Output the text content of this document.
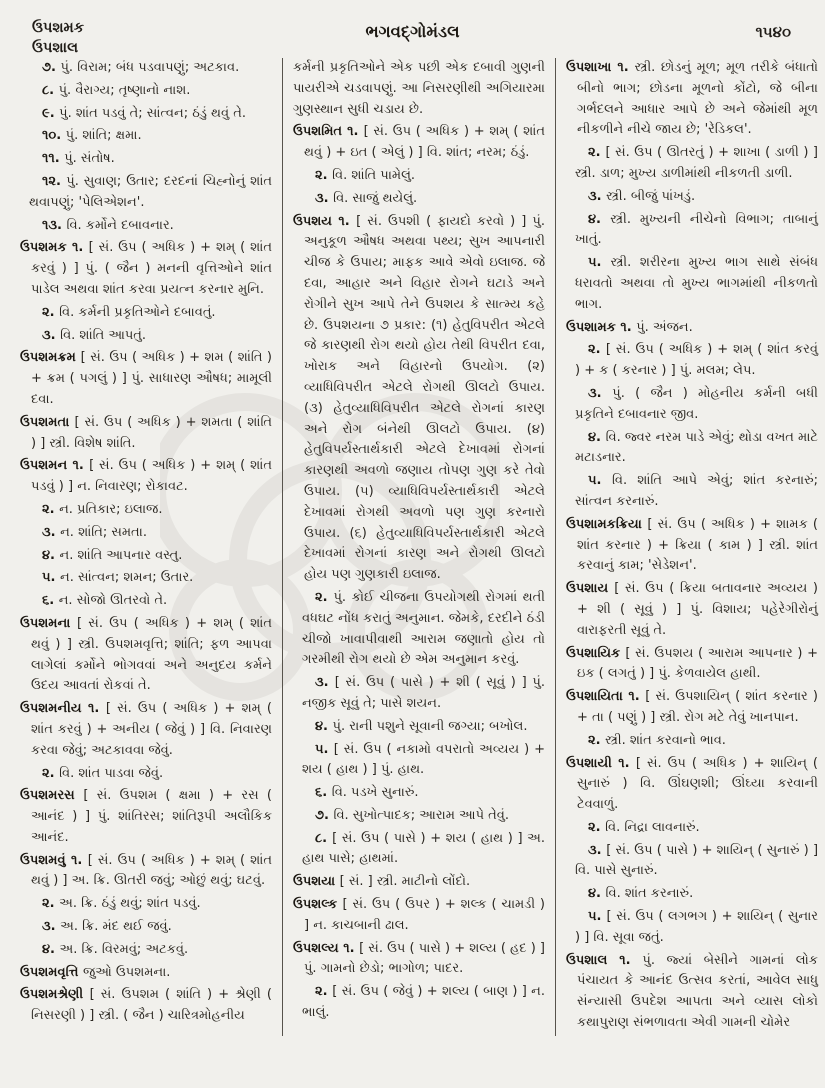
ઉપશમક
ઉપશાલ
ભગવદ્ગોમંડલ	૧૫૪૦
૭. પું. વિરામ; બંધ પડવાપણું; અટકાવ.
૮. પું. વૈરાગ્ય; તૃષ્ણાનો નાશ.
૯. પું. શાંત પડવું તે; સાંત્વન; ઠંડું થવું તે.
૧૦. પું. શાંતિ; ક્ષમા.
૧૧. પું. સંતોષ.
૧૨. પું. સુવાણ; ઉતાર; દરદનાં ચિહ્નોનું શાંત થવાપણું; 'પેલિએશન'.
૧૩. વિ. કર્મોને દબાવનાર.
ઉપશમક ૧. [ સં. ઉપ ( અધિક ) + શમ્ ( શાંત કરવું ) ] પું. ( જૈન ) મનની વૃત્તિઓને શાંત પાડેલ અથવા શાંત કરવા પ્રયત્ન કરનાર મુનિ.
૨. વિ. કર્મની પ્રકૃતિઓને દબાવતું.
૩. વિ. શાંતિ આપતું.
ઉપશમક્રમ [ સં. ઉપ ( અધિક ) + શમ ( શાંતિ ) + ક્રમ ( પગલું ) ] પું. સાધારણ ઔષધ; મામૂલી દવા.
ઉપશમતા [ સં. ઉપ ( અધિક ) + શમતા ( શાંતિ ) ] સ્ત્રી. વિશેષ શાંતિ.
ઉપશમન ૧. [ સં. ઉપ ( અધિક ) + શમ્ ( શાંત પડવું ) ] ન. નિવારણ; રોકાવટ.
૨. ન. પ્રતિકાર; ઇલાજ.
૩. ન. શાંતિ; સમતા.
૪. ન. શાંતિ આપનાર વસ્તુ.
૫. ન. સાંત્વન; શમન; ઉતાર.
૬. ન. સોજો ઊતરવો તે.
ઉપશમના [ સં. ઉપ ( અધિક ) + શમ્ ( શાંત થવું ) ] સ્ત્રી. ઉપશમવૃત્તિ; શાંતિ; ફળ આપવા લાગેલાં કર્મોને ભોગવવાં અને અનુદય કર્મને ઉદય આવતાં રોકવાં તે.
ઉપશમનીય ૧. [ સં. ઉપ ( અધિક ) + શમ્ ( શાંત કરવું ) + અનીય ( જેવું ) ] વિ. નિવારણ કરવા જેવું; અટકાવવા જેવું.
૨. વિ. શાંત પાડવા જેવું.
ઉપશમરસ [ સં. ઉપશમ ( ક્ષમા ) + રસ ( આનંદ ) ] પું. શાંતિરસ; શાંતિરૂપી અલૌકિક આનંદ.
ઉપશમવું ૧. [ સં. ઉપ ( અધિક ) + શમ્ ( શાંત થવું ) ] અ. ક્રિ. ઊતરી જવું; ઓછું થવું; ઘટવું.
૨. અ. ક્રિ. ઠંડું થવું; શાંત પડવું.
૩. અ. ક્રિ. મંદ થઈ જવું.
૪. અ. ક્રિ. વિરમવું; અટકવું.
ઉપશમવૃત્તિ જુઓ ઉપશમના.
ઉપશમશ્રેણી [ સં. ઉપશમ ( શાંતિ ) + શ્રેણી ( નિસરણી ) ] સ્ત્રી. ( જૈન ) ચારિત્રમોહનીય
કર્મની પ્રકૃતિઓને એક પછી એક દબાવી ગુણની પાયરીએ ચડવાપણું. આ નિસરણીથી અગિયારમા ગુણસ્થાન સુધી ચડાય છે.
ઉપશમિત ૧. [ સં. ઉપ ( અધિક ) + શમ્ ( શાંત થવું ) + ઇત ( એલું ) ] વિ. શાંત; નરમ; ઠંડું.
૨. વિ. શાંતિ પામેલું.
૩. વિ. સાજું થયેલું.
ઉપશય ૧. [ સં. ઉપશી ( ફાયદો કરવો ) ] પું. અનુકૂળ ઔષધ અથવા પથ્ય; સુખ આપનારી ચીજ કે ઉપાય; માફક આવે એવો ઇલાજ. જે દવા, આહાર અને વિહાર રોગને ઘટાડે અને રોગીને સુખ આપે તેને ઉપશય કે સાત્મ્ય કહે છે. ઉપશયના ૭ પ્રકાર: (૧) હેતુવિપરીત એટલે જે કારણથી રોગ થયો હોય તેથી વિપરીત દવા, ખોરાક અને વિહારનો ઉપયોગ. (૨) વ્યાધિવિપરીત એટલે રોગથી ઊલટો ઉપાય. (૩) હેતુવ્યાધિવિપરીત એટલે રોગનાં કારણ અને રોગ બંનેથી ઊલટો ઉપાય. (૪) હેતુવિપર્યસ્તાર્થકારી એટલે દેખાવમાં રોગનાં કારણથી અવળો જણાય તોપણ ગુણ કરે તેવો ઉપાય. (૫) વ્યાધિવિપર્યસ્તાર્થકારી એટલે દેખાવમાં રોગથી અવળો પણ ગુણ કરનારો ઉપાય. (૬) હેતુવ્યાધિવિપર્યસ્તાર્થકારી એટલે દેખાવમાં રોગનાં કારણ અને રોગથી ઊલટો હોય પણ ગુણકારી ઇલાજ.
૨. પું. કોઈ ચીજના ઉપયોગથી રોગમાં થતી વધઘટ નોંધ કરાતું અનુમાન. જેમકે, દરદીને ઠંડી ચીજો ખાવાપીવાથી આરામ જણાતો હોય તો ગરમીથી રોગ થયો છે એમ અનુમાન કરવું.
૩. [ સં. ઉપ ( પાસે ) + શી ( સૂવું ) ] પું. નજીક સૂવું તે; પાસે શયન.
૪. પું. રાની પશુને સૂવાની જગ્યા; બખોલ.
૫. [ સં. ઉપ ( નકામો વપરાતો અવ્યય ) + શય ( હાથ ) ] પું. હાથ.
૬. વિ. પડખે સુનારું.
૭. વિ. સુખોત્પાદક; આરામ આપે તેવું.
૮. [ સં. ઉપ ( પાસે ) + શય ( હાથ ) ] અ. હાથ પાસે; હાથમાં.
ઉપશયા [ સં. ] સ્ત્રી. માટીનો લોંદો.
ઉપશલ્ક [ સં. ઉપ ( ઉપર ) + શલ્ક ( ચામડી ) ] ન. કાચબાની ઢાલ.
ઉપશલ્ય ૧. [ સં. ઉપ ( પાસે ) + શલ્ય ( હદ ) ] પું. ગામનો છેડો; ભાગોળ; પાદર.
૨. [ સં. ઉપ ( જેવું ) + શલ્ય ( બાણ ) ] ન. ભાલું.
ઉપશાખા ૧. સ્ત્રી. છોડનું મૂળ; મૂળ તરીકે બંધાતો બીનો ભાગ; છોડના મૂળનો કોંટો, જે બીના ગર્ભદલને આધાર આપે છે અને જેમાંથી મૂળ નીકળીને નીચે જાય છે; 'રેડિકલ'.
૨. [ સં. ઉપ ( ઊતરતું ) + શાખા ( ડાળી ) ] સ્ત્રી. ડાળ; મુખ્ય ડાળીમાંથી નીકળતી ડાળી.
૩. સ્ત્રી. બીજું પાંખડું.
૪. સ્ત્રી. મુખ્યની નીચેનો વિભાગ; તાબાનું ખાતું.
૫. સ્ત્રી. શરીરના મુખ્ય ભાગ સાથે સંબંધ ધરાવતો અથવા તો મુખ્ય ભાગમાંથી નીકળતો ભાગ.
ઉપશામક ૧. પું. અંજન.
૨. [ સં. ઉપ ( અધિક ) + શમ્ ( શાંત કરવું ) + ક ( કરનાર ) ] પું. મલમ; લેપ.
૩. પું. ( જૈન ) મોહનીય કર્મની બધી પ્રકૃતિને દબાવનાર જીવ.
૪. વિ. જ્વર નરમ પાડે એવું; થોડા વખત માટે મટાડનાર.
૫. વિ. શાંતિ આપે એવું; શાંત કરનારું; સાંત્વન કરનારું.
ઉપશામકક્રિયા [ સં. ઉપ ( અધિક ) + શામક ( શાંત કરનાર ) + ક્રિયા ( કામ ) ] સ્ત્રી. શાંત કરવાનું કામ; 'સેડેશન'.
ઉપશાય [ સં. ઉપ ( ક્રિયા બતાવનાર અવ્યય ) + શી ( સૂવું ) ] પું. વિશાય; પહેરેગીરોનું વારાફરતી સૂવું તે.
ઉપશાયિક [ સં. ઉપશય ( આરામ આપનાર ) + ઇક ( લગતું ) ] પું. કેળવાયેલ હાથી.
ઉપશાયિતા ૧. [ સં. ઉપશાયિન્ ( શાંત કરનાર ) + તા ( પણું ) ] સ્ત્રી. રોગ મટે તેવું ખાનપાન.
૨. સ્ત્રી. શાંત કરવાનો ભાવ.
ઉપશાયી ૧. [ સં. ઉપ ( અધિક ) + શાયિન્ ( સુનારું ) વિ. ઊંઘણશી; ઊંઘ્યા કરવાની ટેવવાળું.
૨. વિ. નિદ્રા લાવનારું.
૩. [ સં. ઉપ ( પાસે ) + શાયિન્ ( સુનારું ) ] વિ. પાસે સુનારું.
૪. વિ. શાંત કરનારું.
૫. [ સં. ઉપ ( લગભગ ) + શાયિન્ ( સુનાર ) ] વિ. સૂવા જતું.
ઉપશાલ ૧. પું. જ્યાં બેસીને ગામનાં લોક પંચાયત કે આનંદ ઉત્સવ કરતાં, આવેલ સાધુ સંન્યાસી ઉપદેશ આપતા અને વ્યાસ લોકો કથાપુરાણ સંભળાવતા એવી ગામની ચોમેર
